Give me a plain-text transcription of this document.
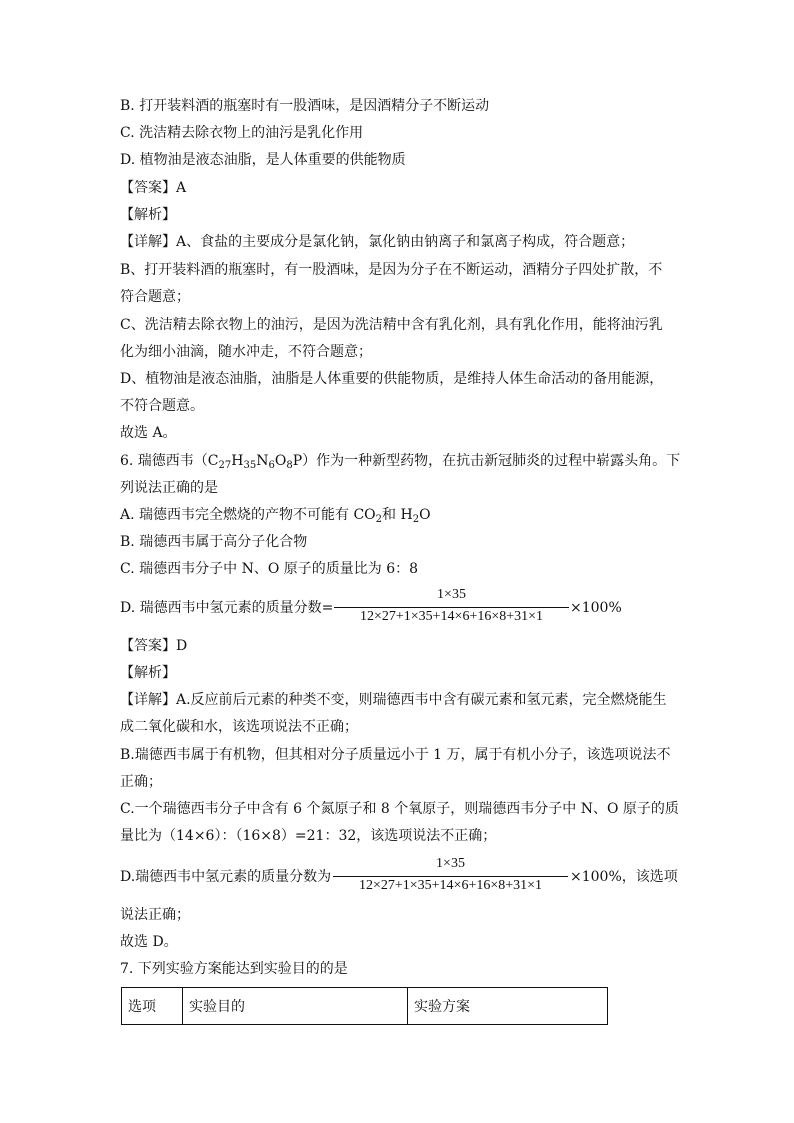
B. 打开装料酒的瓶塞时有一股酒味，是因酒精分子不断运动
C. 洗洁精去除衣物上的油污是乳化作用
D. 植物油是液态油脂，是人体重要的供能物质
【答案】A
【解析】
【详解】A、食盐的主要成分是氯化钠，氯化钠由钠离子和氯离子构成，符合题意；
B、打开装料酒的瓶塞时，有一股酒味，是因为分子在不断运动，酒精分子四处扩散，不
符合题意；
C、洗洁精去除衣物上的油污，是因为洗洁精中含有乳化剂，具有乳化作用，能将油污乳
化为细小油滴，随水冲走，不符合题意；
D、植物油是液态油脂，油脂是人体重要的供能物质，是维持人体生命活动的备用能源，
不符合题意。
故选 A。
6. 瑞德西韦$(C_{27}H_{35}N_6O_8P)$作为一种新型药物，在抗击新冠肺炎的过程中崭露头角。下
列说法正确的是
A. 瑞德西韦完全燃烧的产物不可能有 $CO_2$和 $H_2O$
B. 瑞德西韦属于高分子化合物
C. 瑞德西韦分子中 N、O 原子的质量比为 6：8
D. 瑞德西韦中氢元素的质量分数=
1×35
12×27+1×35+14×6+16×8+31×1
×100%
【答案】D
【解析】
【详解】A.反应前后元素的种类不变，则瑞德西韦中含有碳元素和氢元素，完全燃烧能生
成二氧化碳和水，该选项说法不正确；
B.瑞德西韦属于有机物，但其相对分子质量远小于 1 万，属于有机小分子，该选项说法不
正确；
C.一个瑞德西韦分子中含有 6 个氮原子和 8 个氧原子，则瑞德西韦分子中 N、O 原子的质
量比为（14×6）：（16×8）=21：32，该选项说法不正确；
D.瑞德西韦中氢元素的质量分数为
1×35
12×27+1×35+14×6+16×8+31×1
×100%，该选项
说法正确；
故选 D。
7. 下列实验方案能达到实验目的的是
选项	实验目的	实验方案
